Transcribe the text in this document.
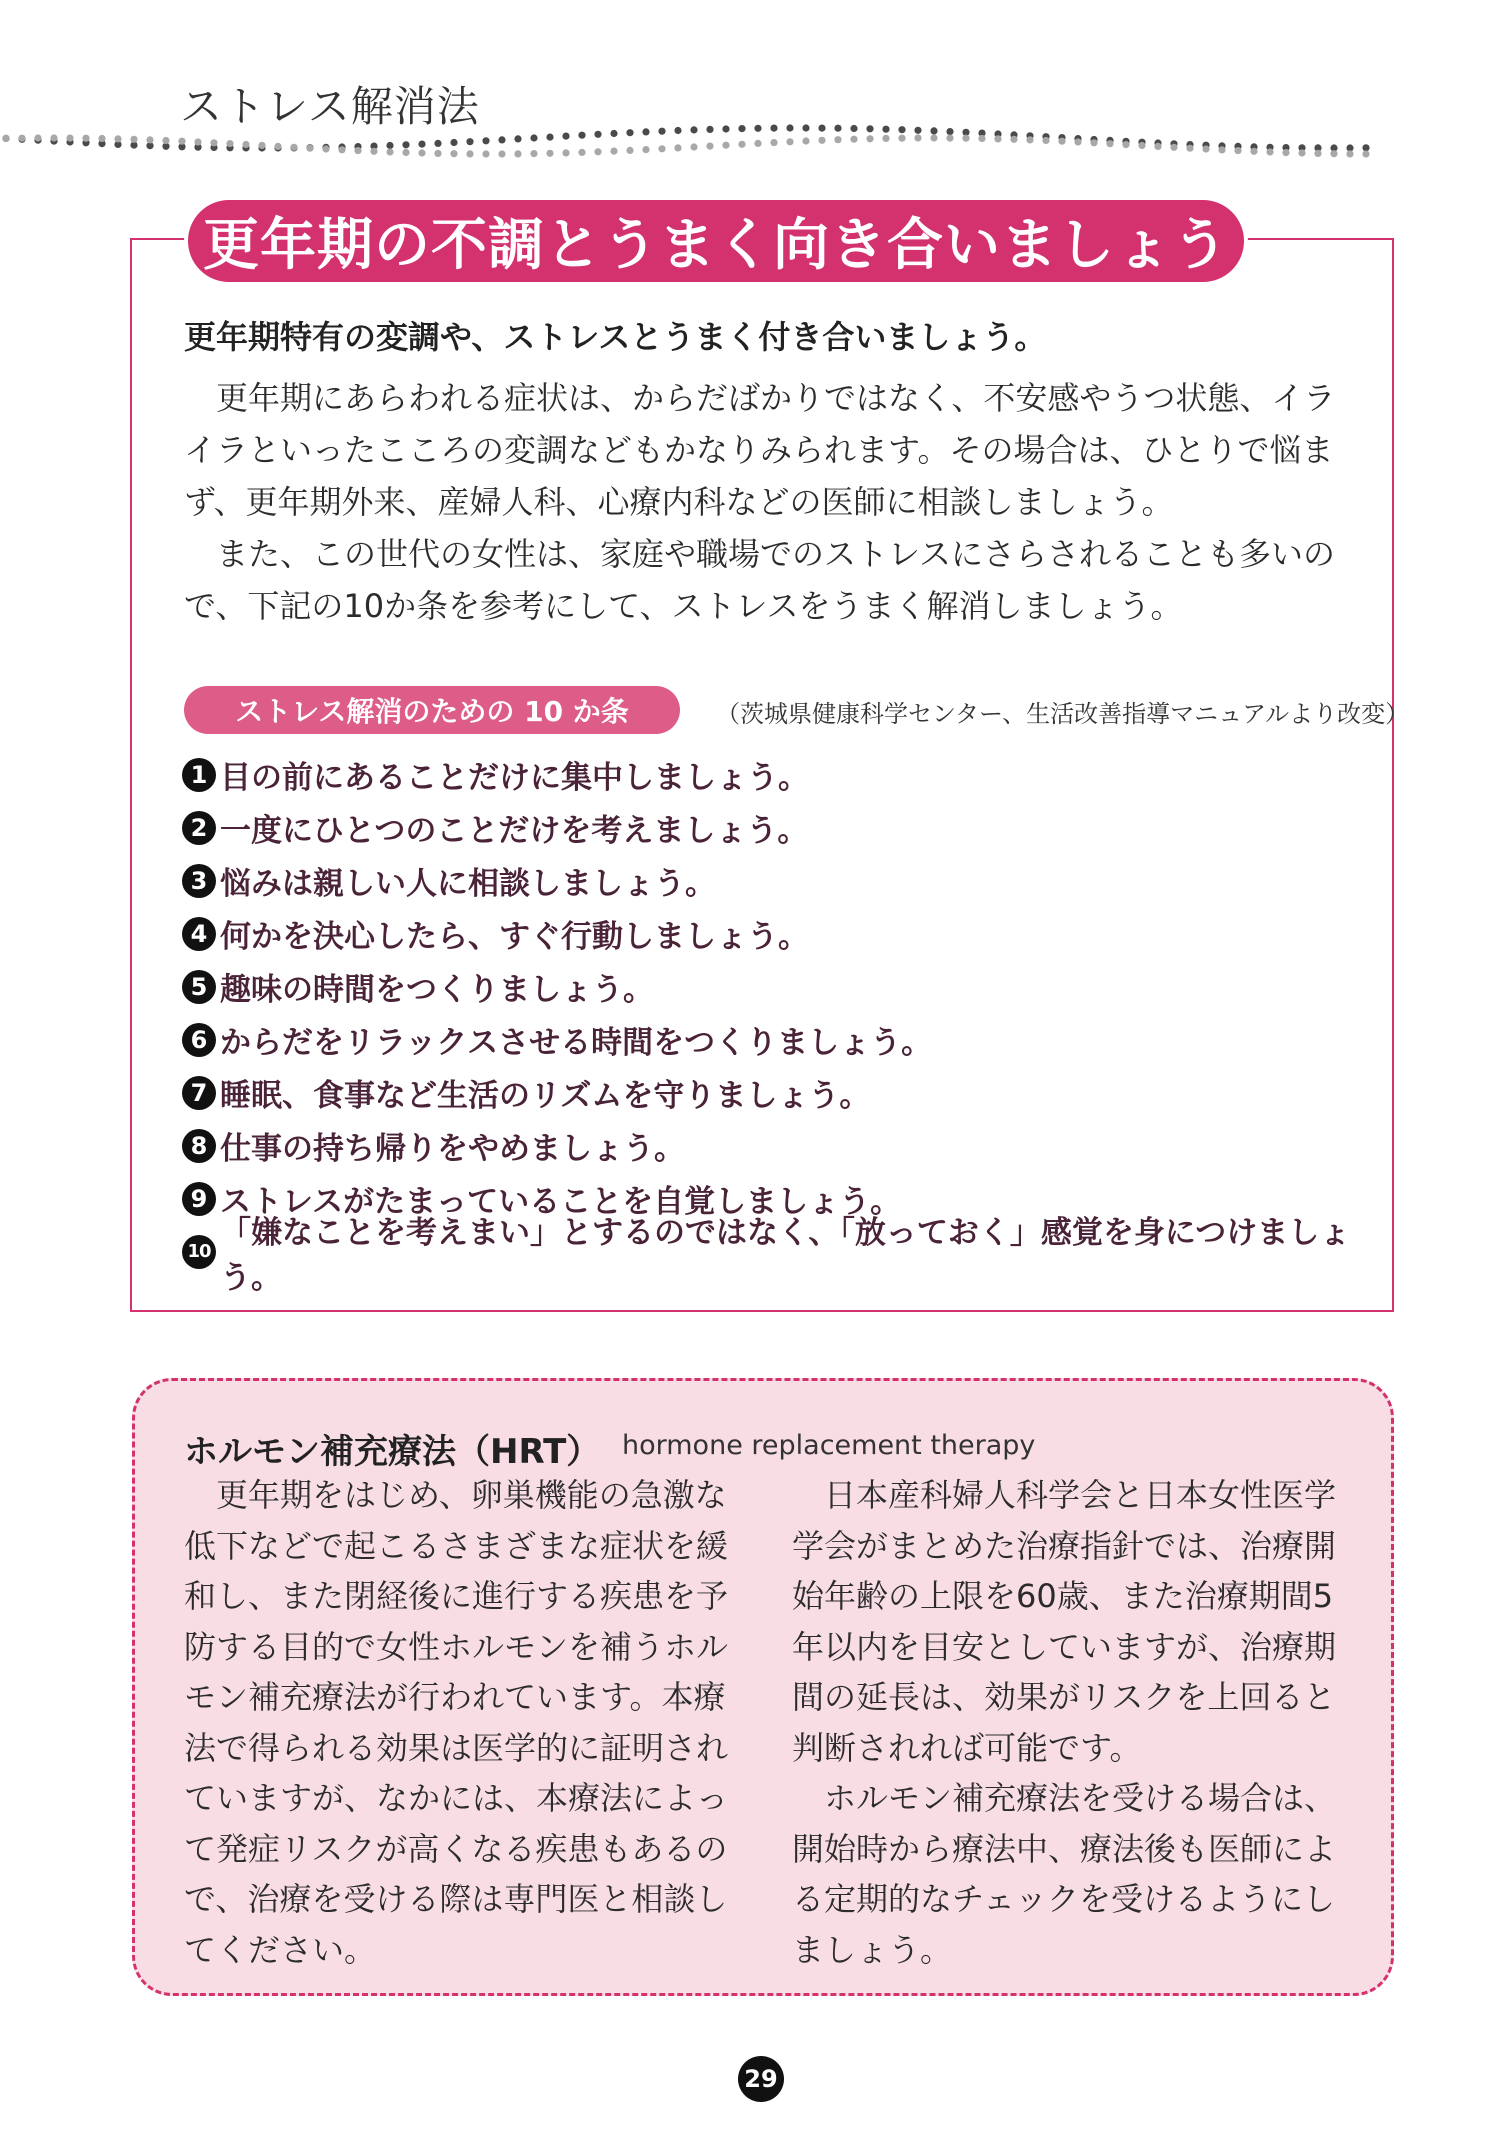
ストレス解消法
更年期の不調とうまく向き合いましょう
更年期特有の変調や、ストレスとうまく付き合いましょう。

更年期にあらわれる症状は、からだばかりではなく、不安感やうつ状態、イライラといったこころの変調などもかなりみられます。その場合は、ひとりで悩まず、更年期外来、産婦人科、心療内科などの医師に相談しましょう。

また、この世代の女性は、家庭や職場でのストレスにさらされることも多いので、下記の10か条を参考にして、ストレスをうまく解消しましょう。

ストレス解消のための 10 か条	（茨城県健康科学センター、生活改善指導マニュアルより改変）
1 目の前にあることだけに集中しましょう。
2 一度にひとつのことだけを考えましょう。
3 悩みは親しい人に相談しましょう。
4 何かを決心したら、すぐ行動しましょう。
5 趣味の時間をつくりましょう。
6 からだをリラックスさせる時間をつくりましょう。
7 睡眠、食事など生活のリズムを守りましょう。
8 仕事の持ち帰りをやめましょう。
9 ストレスがたまっていることを自覚しましょう。
10
「嫌なことを考えまい」とするのではなく、「放っておく」感覚を身につけましょう。
ホルモン補充療法（HRT） hormone replacement therapy

更年期をはじめ、卵巣機能の急激な低下などで起こるさまざまな症状を緩和し、また閉経後に進行する疾患を予防する目的で女性ホルモンを補うホルモン補充療法が行われています。本療法で得られる効果は医学的に証明されていますが、なかには、本療法によって発症リスクが高くなる疾患もあるので、治療を受ける際は専門医と相談してください。

日本産科婦人科学会と日本女性医学学会がまとめた治療指針では、治療開始年齢の上限を60歳、また治療期間5年以内を目安としていますが、治療期間の延長は、効果がリスクを上回ると判断されれば可能です。

ホルモン補充療法を受ける場合は、開始時から療法中、療法後も医師による定期的なチェックを受けるようにしましょう。

29
